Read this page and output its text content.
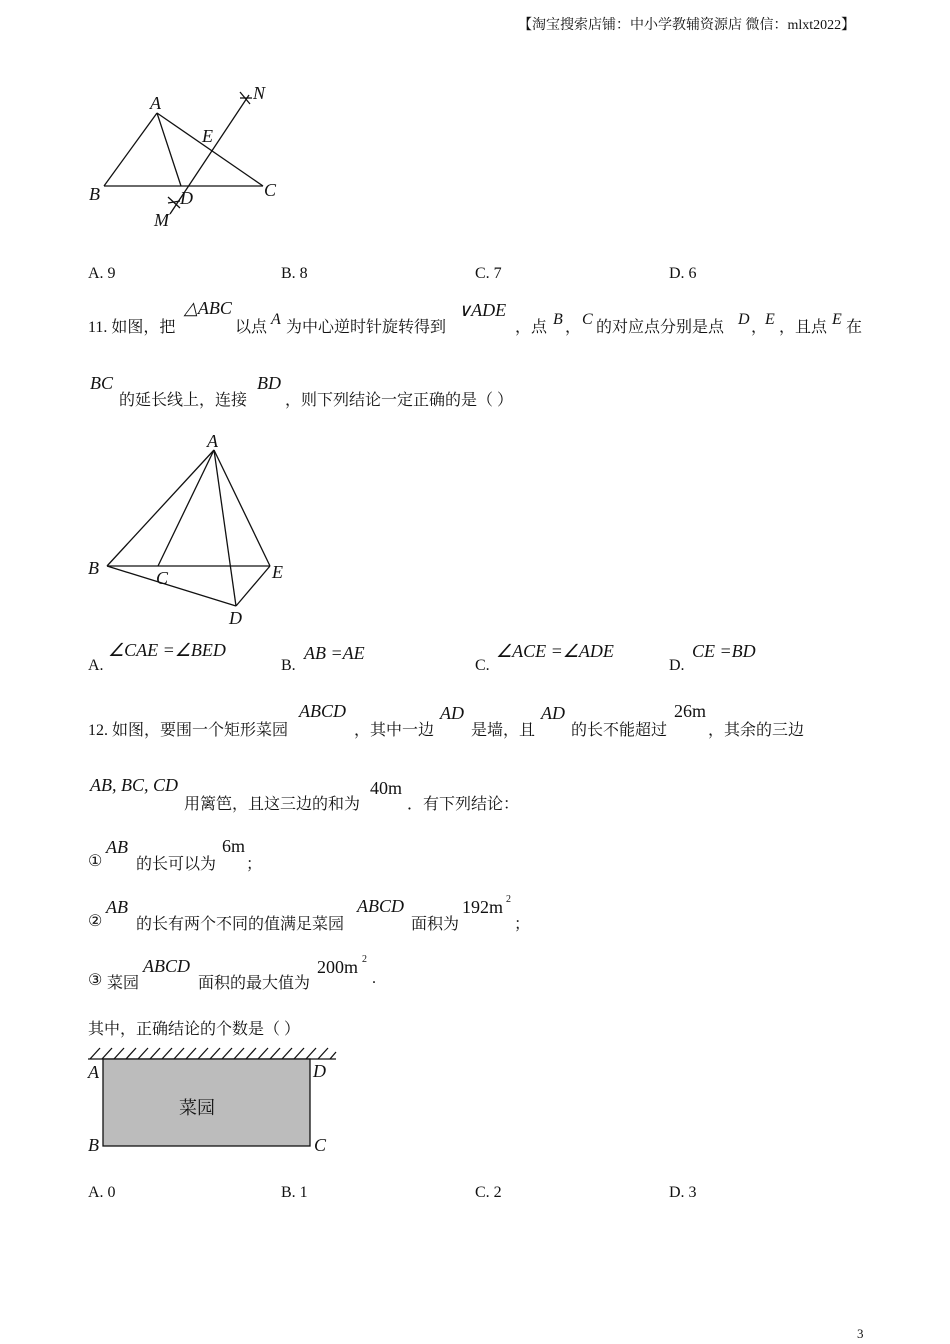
【淘宝搜索店铺：中小学教辅资源店 微信：mlxt2022】
A	N
E
B	C
D
M
A. 9	B. 8	C. 7	D. 6
11. 如图，把
△ABC
以点 A 为中心逆时针旋转得到
∨ADE
，点 B ， C 的对应点分别是点 D ，
E ，且点 E 在
BC
的延长线上，连接
BD
，则下列结论一定正确的是（ ）
A
B	C	E
D
A.
∠CAE =∠BED
B.
AB =AE
C.
∠ACE =∠ADE
D.
CE =BD
12. 如图，要围一个矩形菜园
ABCD
，其中一边
AD
是墙，且
AD
的长不能超过
26m
，其余的三边
AB, BC, CD
用篱笆，且这三边的和为
40m
．有下列结论：
①
AB
的长可以为
6m
；
②
AB
的长有两个不同的值满足菜园
ABCD
面积为
192m 2
；
③ 菜园
ABCD
面积的最大值为
200m 2
.
其中，正确结论的个数是（ ）
菜园
A	D
B	C
A. 0	B. 1	C. 2	D. 3
3
